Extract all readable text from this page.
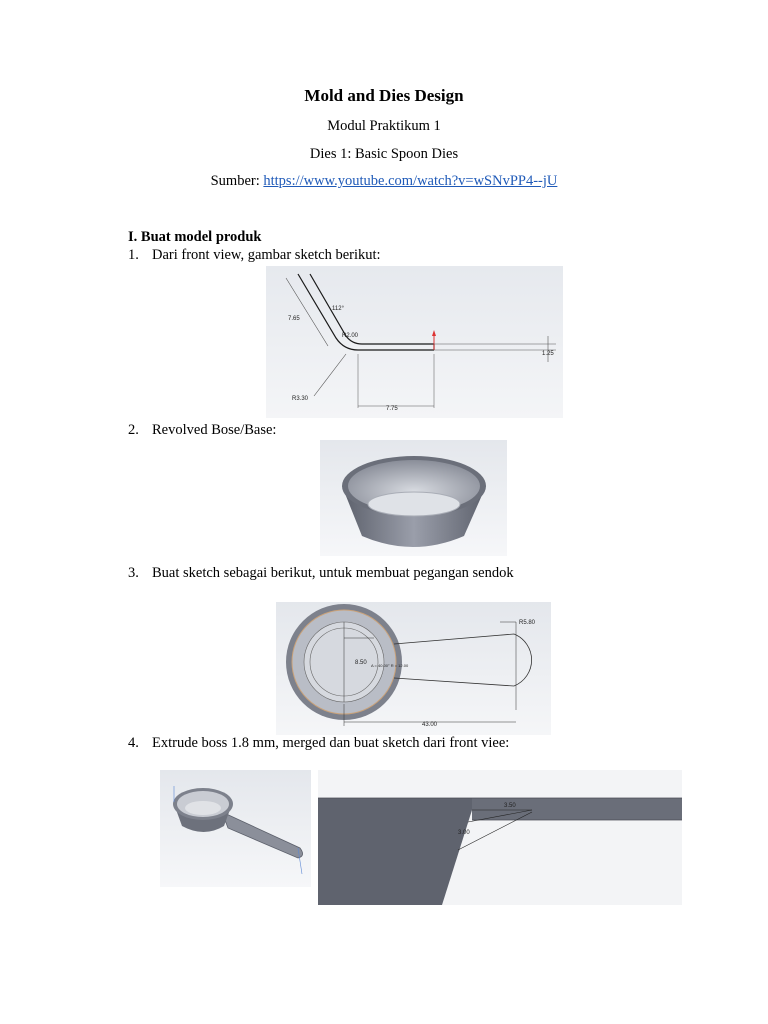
Mold and Dies Design
Modul Praktikum 1
Dies 1: Basic Spoon Dies
Sumber: https://www.youtube.com/watch?v=wSNvPP4--jU
I. Buat model produk
1. Dari front view, gambar sketch berikut:
2. Revolved Bose/Base:
3. Buat sketch sebagai berikut, untuk membuat pegangan sendok
4. Extrude boss 1.8 mm, merged dan buat sketch dari front viee:
7.65
112°
R2.00
R3.30
7.75
1.25
8.50 A = 40.00° R = 12.00
R5.80
43.00
3.50
3.00
